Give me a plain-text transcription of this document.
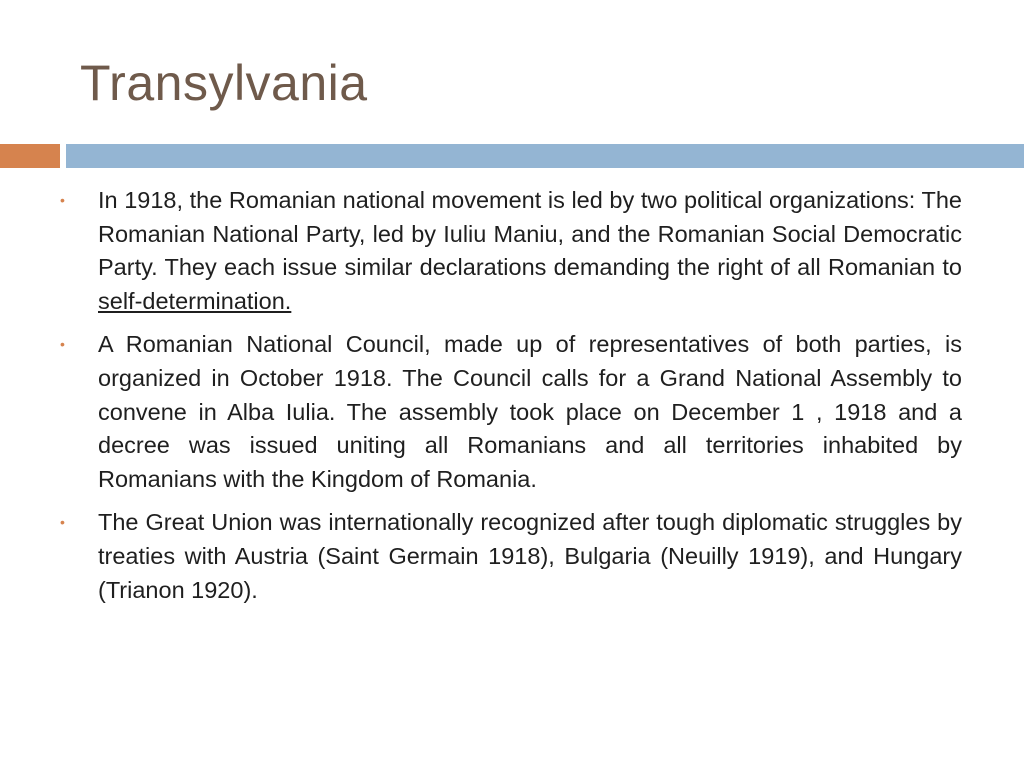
Transylvania
• In 1918, the Romanian national movement is led by two political organizations: The Romanian National Party, led by Iuliu Maniu, and the Romanian Social Democratic Party. They each issue similar declarations demanding the right of all Romanian to self-determination.
• A Romanian National Council, made up of representatives of both parties, is organized in October 1918. The Council calls for a Grand National Assembly to convene in Alba Iulia. The assembly took place on December 1 , 1918 and a decree was issued uniting all Romanians and all territories inhabited by Romanians with the Kingdom of Romania.
• The Great Union was internationally recognized after tough diplomatic struggles by treaties with Austria (Saint Germain 1918), Bulgaria (Neuilly 1919), and Hungary (Trianon 1920).
